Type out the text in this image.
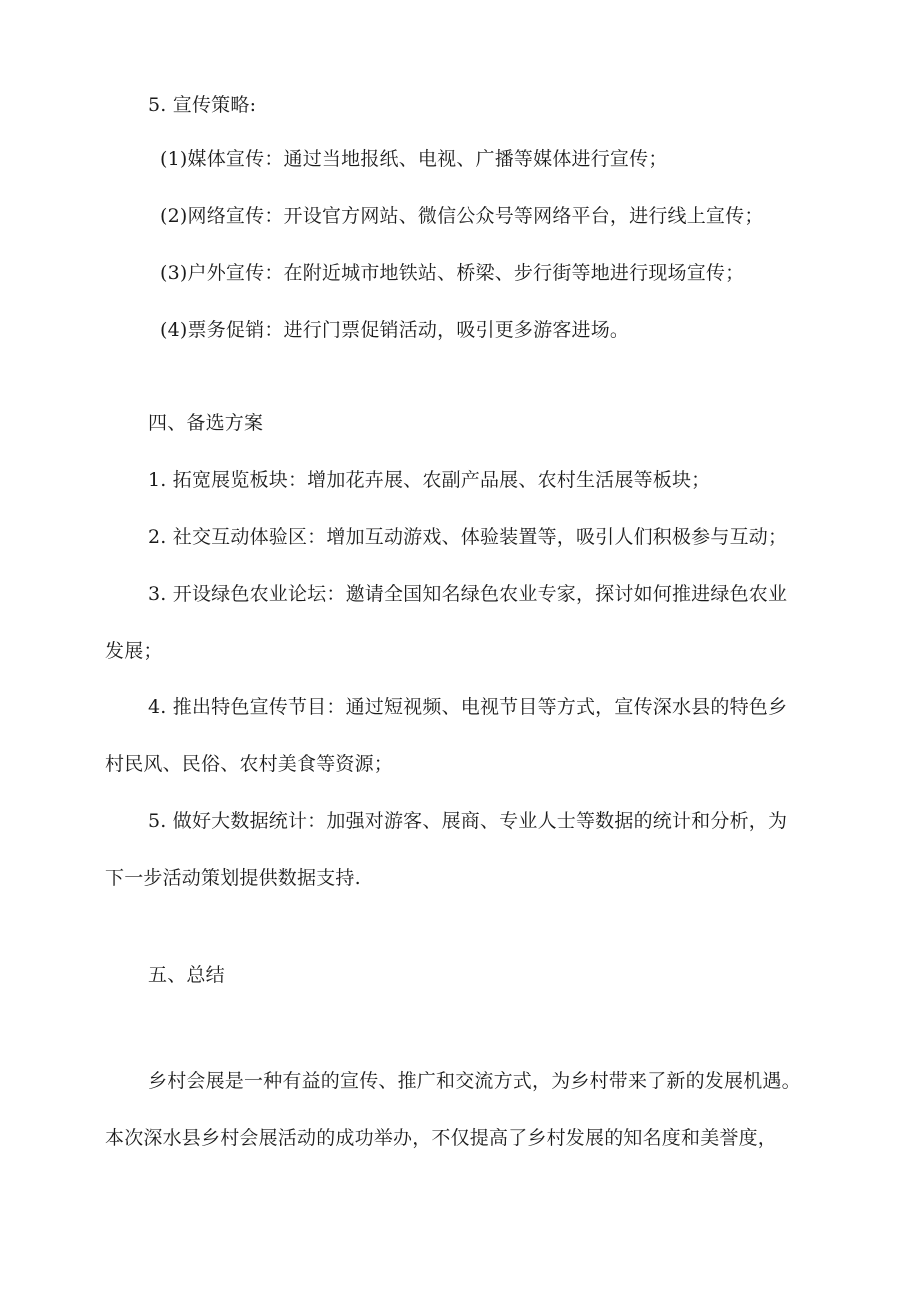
5. 宣传策略:
(1)媒体宣传：通过当地报纸、电视、广播等媒体进行宣传；
(2)网络宣传：开设官方网站、微信公众号等网络平台，进行线上宣传；
(3)户外宣传：在附近城市地铁站、桥梁、步行街等地进行现场宣传；
(4)票务促销：进行门票促销活动，吸引更多游客进场。
四、备选方案
1. 拓宽展览板块：增加花卉展、农副产品展、农村生活展等板块；
2. 社交互动体验区：增加互动游戏、体验装置等，吸引人们积极参与互动；
3. 开设绿色农业论坛：邀请全国知名绿色农业专家，探讨如何推进绿色农业
发展；
4. 推出特色宣传节目：通过短视频、电视节目等方式，宣传深水县的特色乡
村民风、民俗、农村美食等资源；
5. 做好大数据统计：加强对游客、展商、专业人士等数据的统计和分析，为
下一步活动策划提供数据支持.
五、总结
乡村会展是一种有益的宣传、推广和交流方式，为乡村带来了新的发展机遇。
本次深水县乡村会展活动的成功举办，不仅提高了乡村发展的知名度和美誉度，
